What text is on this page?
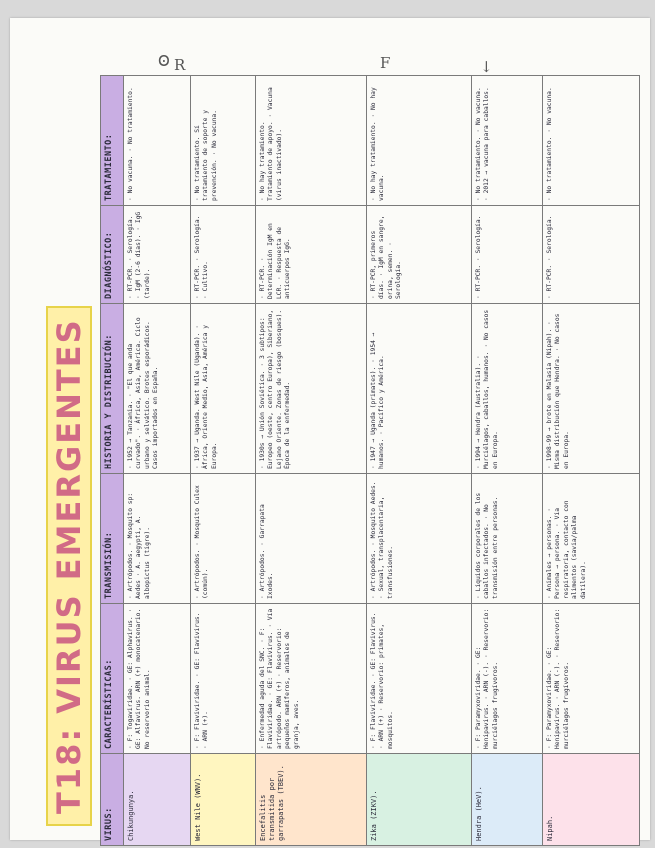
Ꙩ R	F	↓
T18: VIRUS EMERGENTES
VIRUS:	CARACTERÍSTICAS:	TRANSMISIÓN:	HISTORIA Y DISTRIBUCIÓN:	DIAGNÓSTICO:	TRATAMIENTO:
Chikungunya.	· F: Togaviridae. · GE: Alphavirus. · GE: Alfavirus. ARN (+) monocatenario. No reservorio animal.	· Artrópodos. · Mosquito sp: Aedes · A. aegypti, A. albopictus (tigre).	· 1952 → Tanzania. · "El que anda curvado". · África, Asia, América. Ciclo urbano y selvático. Brotes esporádicos. Casos importados en España.	· RT-PCR. · Serología. · IgM (2-6 días). · IgG (tarde).	· No vacuna. · No tratamiento.
West Nile (WNV).	· F: Flaviviridae. · GE: Flavivirus. · ARN (+).	· Artrópodos. · Mosquito Culex (común).	· 1937 → Uganda. West Nile (Uganda). · África, Oriente Medio, Asia, América y Europa.	· RT-PCR. · Serología. · Cultivo.	· No tratamiento. Sí tratamiento de soporte y prevención. · No vacuna.
Encefalitis transmitida por garrapatas (TBEV).	· Enfermedad aguda del SNC. · F: Flaviviridae. · GE: Flavivirus. · Vía artrópodo. ARN (+) · Reservorio: pequeños mamíferos, animales de granja, aves.	· Artrópodos. · Garrapata Ixodes.	· 1930s → Unión Soviética. · 3 subtipos: Europeo (oeste, centro Europa), Siberiano, Lejano Oriente. Zonas de riesgo (bosques). Época de la enfermedad.	· RT-PCR. · Determinación IgM en LCR. · Respuesta de anticuerpos IgG.	· No hay tratamiento. Tratamiento de apoyo. · Vacuna (virus inactivado).
Zika (ZIKV).	· F: Flaviviridae. · GE: Flavivirus. · ARN (+) · Reservorio: primates, mosquitos.	· Artrópodos. · Mosquito Aedes. · Sexual, transplacentaria, transfusiones.	· 1947 → Uganda (primates). · 1954 → humanos. · Pacífico y América.	· RT-PCR, primeros días. · IgM en sangre, orina, semen. · Serología.	· No hay tratamiento. · No hay vacuna.
Hendra (HeV).	· F: Paramyxoviridae. · GE: Henipavirus. · ARN (-). · Reservorio: murciélagos frugívoros.	· Líquidos corporales de los caballos infectados. · No transmisión entre personas.	· 1994 → Hendra (Australia). · Murciélagos, caballos, humanos. · No casos en Europa.	· RT-PCR. · Serología.	· No tratamiento. · No vacuna. · 2012 → vacuna para caballos.
Nipah.	· F: Paramyxoviridae. · GE: Henipavirus. · ARN (-). · Reservorio: murciélagos frugívoros.	· Animales → personas. · Persona → persona. · Vía respiratoria, contacto con alimentos (savia/palma datilera).	· 1998-99 → brote en Malasia (Nipah). · Misma distribución que Hendra. · No casos en Europa.	· RT-PCR. · Serología.	· No tratamiento. · No vacuna.
